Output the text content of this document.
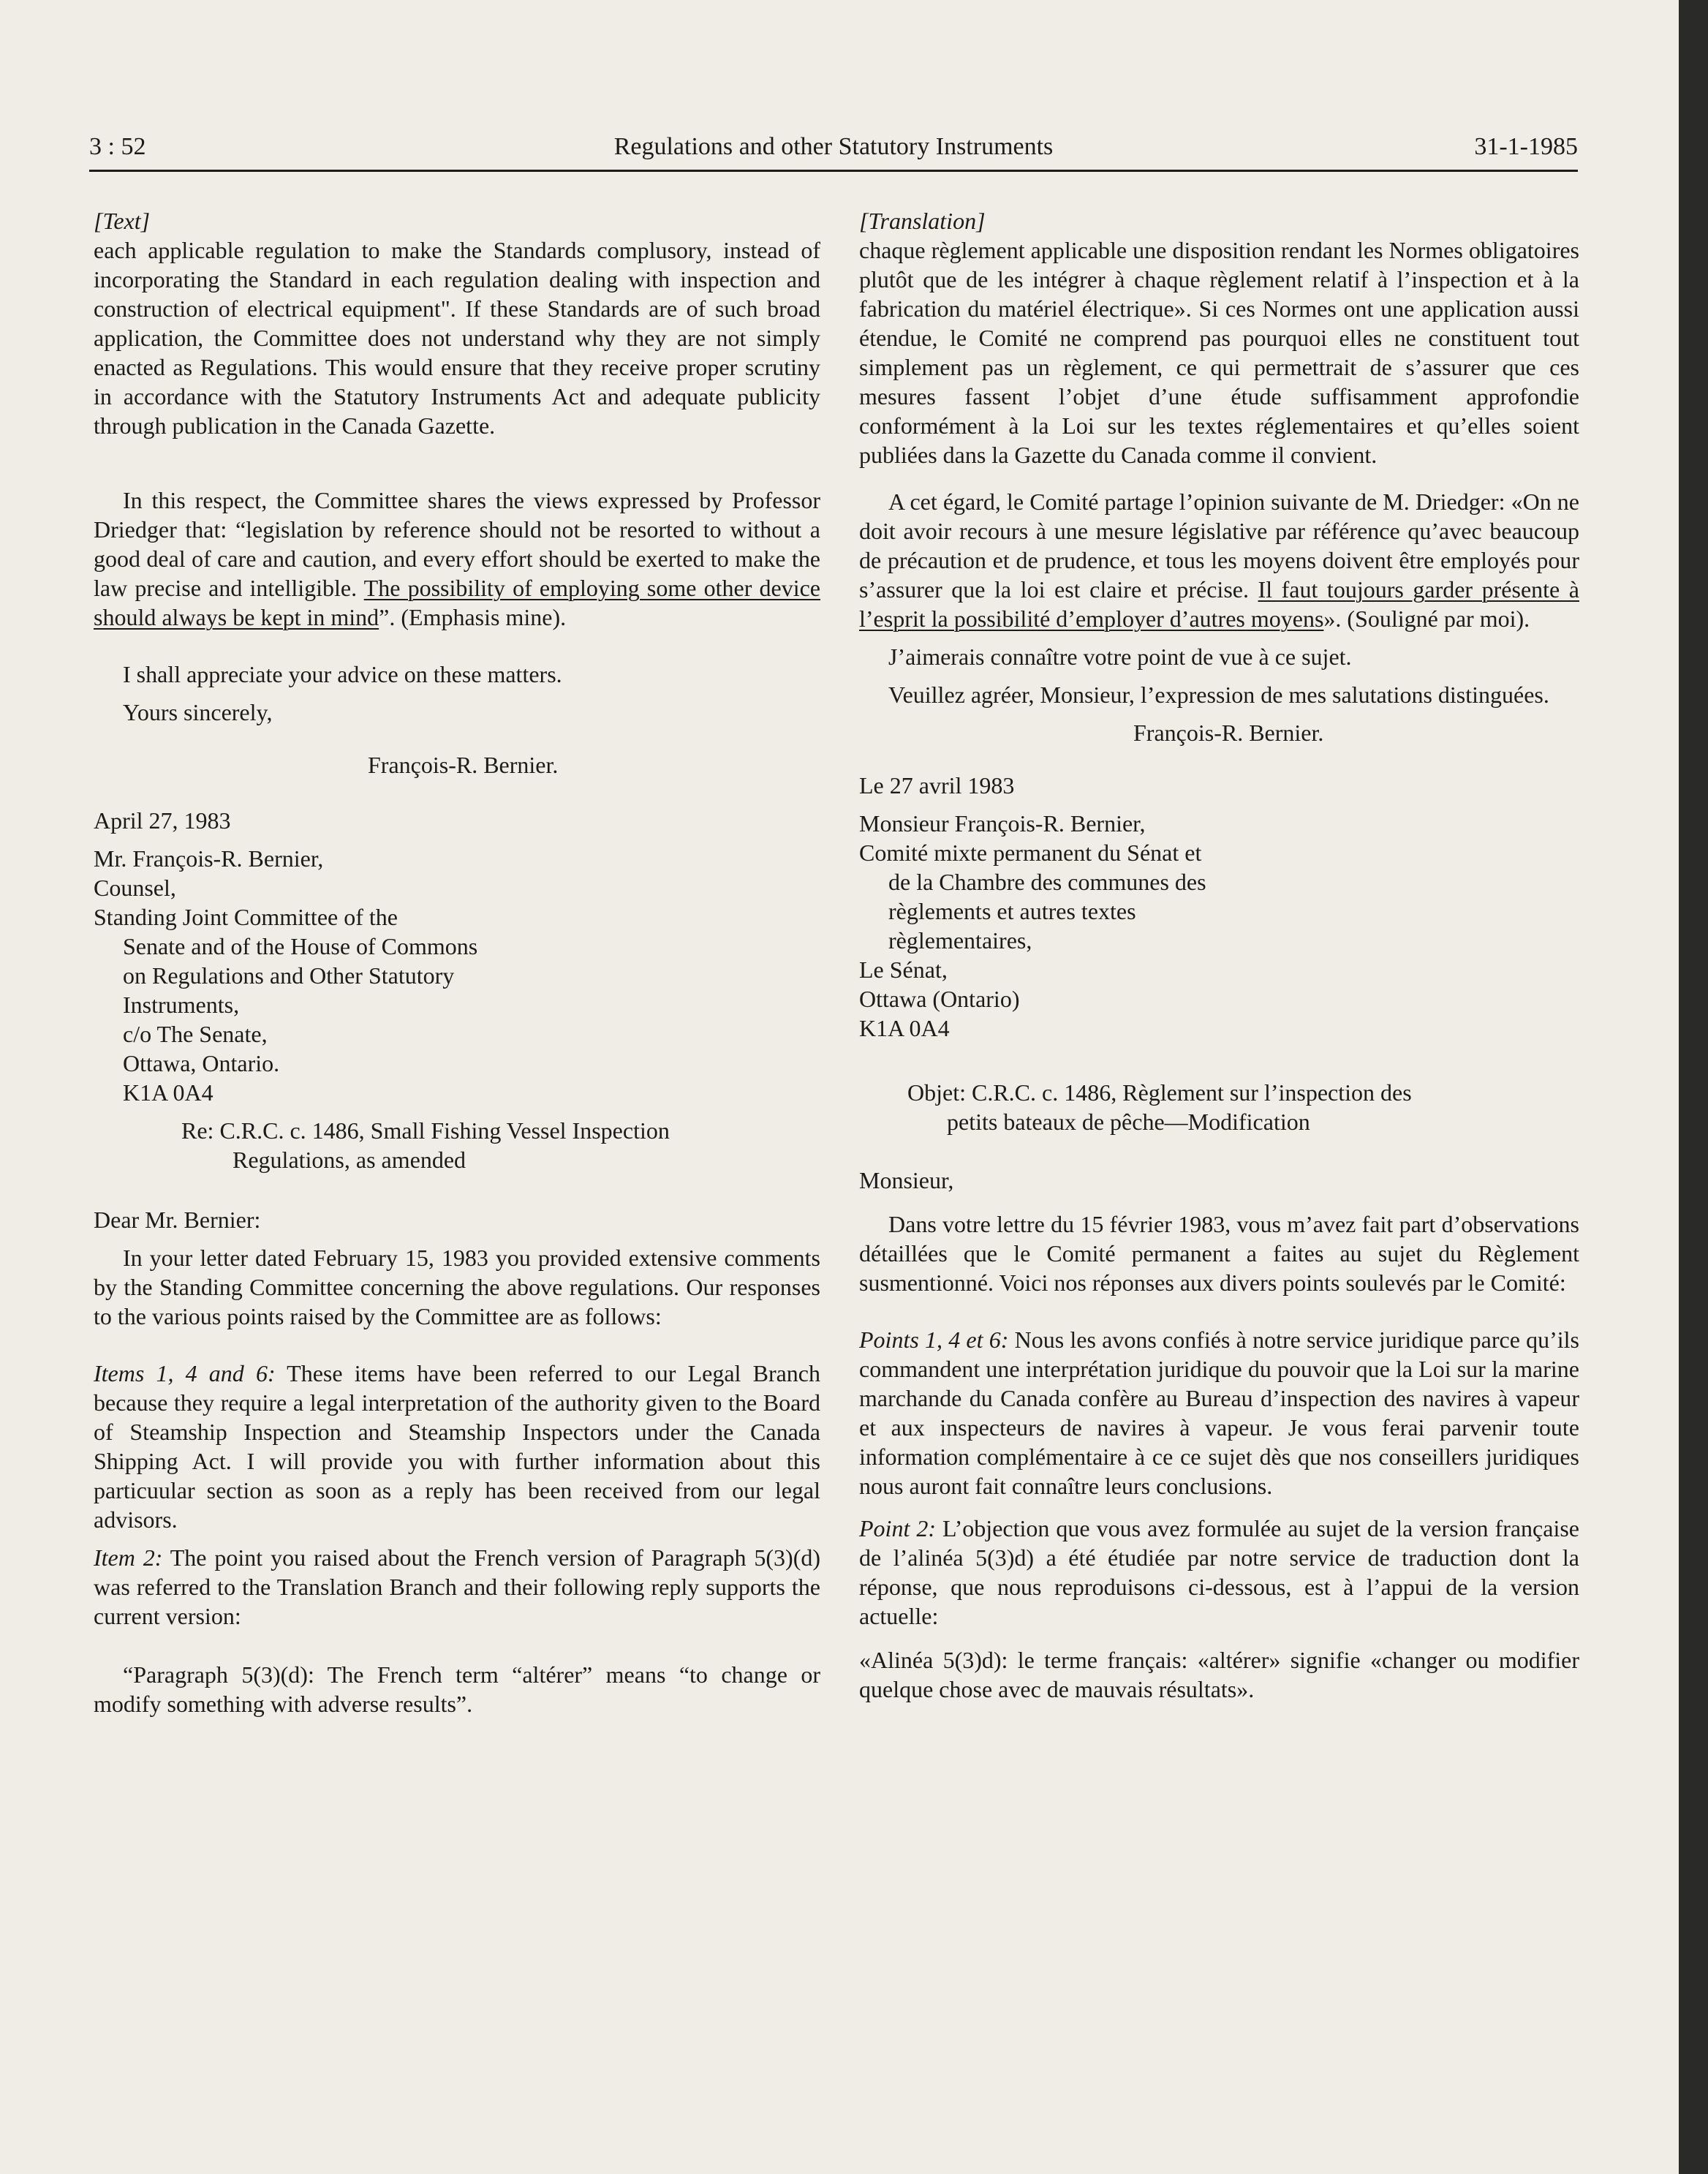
3 : 52	Regulations and other Statutory Instruments	31-1-1985

[Text]

each applicable regulation to make the Standards complusory, instead of incorporating the Standard in each regulation dealing with inspection and construction of electrical equipment". If these Standards are of such broad application, the Committee does not understand why they are not simply enacted as Regulations. This would ensure that they receive proper scrutiny in accordance with the Statutory Instruments Act and adequate publicity through publication in the Canada Gazette.

In this respect, the Committee shares the views expressed by Professor Driedger that: “legislation by reference should not be resorted to without a good deal of care and caution, and every effort should be exerted to make the law precise and intelligible. The possibility of employing some other device should always be kept in mind”. (Emphasis mine).

I shall appreciate your advice on these matters.

Yours sincerely,

François-R. Bernier.

April 27, 1983

Mr. François-R. Bernier,

Counsel,

Standing Joint Committee of the

Senate and of the House of Commons

on Regulations and Other Statutory

Instruments,

c/o The Senate,

Ottawa, Ontario.

K1A 0A4

Re: C.R.C. c. 1486, Small Fishing Vessel Inspection

Regulations, as amended

Dear Mr. Bernier:

In your letter dated February 15, 1983 you provided extensive comments by the Standing Committee concerning the above regulations. Our responses to the various points raised by the Committee are as follows:

Items 1, 4 and 6: These items have been referred to our Legal Branch because they require a legal interpretation of the authority given to the Board of Steamship Inspection and Steamship Inspectors under the Canada Shipping Act. I will provide you with further information about this particuular section as soon as a reply has been received from our legal advisors.

Item 2: The point you raised about the French version of Paragraph 5(3)(d) was referred to the Translation Branch and their following reply supports the current version:

“Paragraph 5(3)(d): The French term “altérer” means “to change or modify something with adverse results”.

[Translation]

chaque règlement applicable une disposition rendant les Normes obligatoires plutôt que de les intégrer à chaque règlement relatif à l’inspection et à la fabrication du matériel électrique». Si ces Normes ont une application aussi étendue, le Comité ne comprend pas pourquoi elles ne constituent tout simplement pas un règlement, ce qui permettrait de s’assurer que ces mesures fassent l’objet d’une étude suffisamment approfondie conformément à la Loi sur les textes réglementaires et qu’elles soient publiées dans la Gazette du Canada comme il convient.

A cet égard, le Comité partage l’opinion suivante de M. Driedger: «On ne doit avoir recours à une mesure législative par référence qu’avec beaucoup de précaution et de prudence, et tous les moyens doivent être employés pour s’assurer que la loi est claire et précise. Il faut toujours garder présente à l’esprit la possibilité d’employer d’autres moyens». (Souligné par moi).

J’aimerais connaître votre point de vue à ce sujet.

Veuillez agréer, Monsieur, l’expression de mes salutations distinguées.

François-R. Bernier.

Le 27 avril 1983

Monsieur François-R. Bernier,

Comité mixte permanent du Sénat et

de la Chambre des communes des

règlements et autres textes

règlementaires,

Le Sénat,

Ottawa (Ontario)

K1A 0A4

Objet: C.R.C. c. 1486, Règlement sur l’inspection des

petits bateaux de pêche—Modification

Monsieur,

Dans votre lettre du 15 février 1983, vous m’avez fait part d’observations détaillées que le Comité permanent a faites au sujet du Règlement susmentionné. Voici nos réponses aux divers points soulevés par le Comité:

Points 1, 4 et 6: Nous les avons confiés à notre service juridique parce qu’ils commandent une interprétation juridique du pouvoir que la Loi sur la marine marchande du Canada confère au Bureau d’inspection des navires à vapeur et aux inspecteurs de navires à vapeur. Je vous ferai parvenir toute information complémentaire à ce ce sujet dès que nos conseillers juridiques nous auront fait connaître leurs conclusions.

Point 2: L’objection que vous avez formulée au sujet de la version française de l’alinéa 5(3)d) a été étudiée par notre service de traduction dont la réponse, que nous reproduisons ci-dessous, est à l’appui de la version actuelle:

«Alinéa 5(3)d): le terme français: «altérer» signifie «changer ou modifier quelque chose avec de mauvais résultats».
